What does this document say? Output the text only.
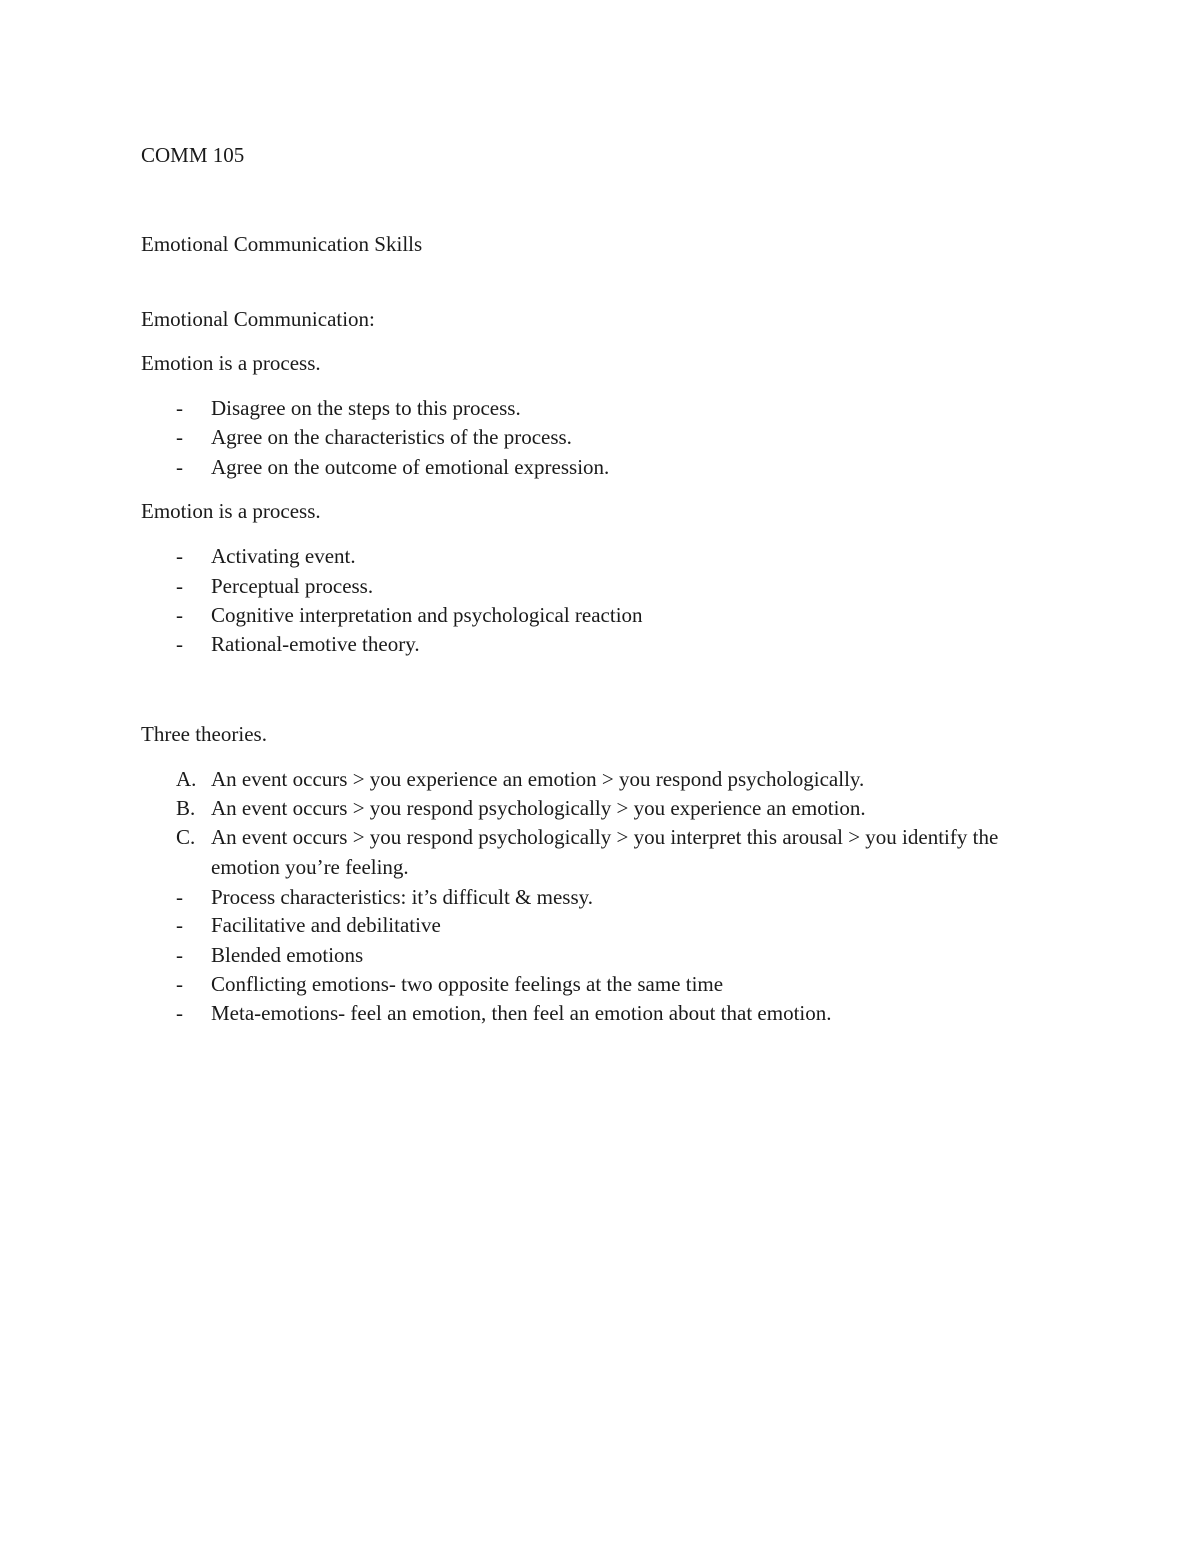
COMM 105
Emotional Communication Skills
Emotional Communication:
Emotion is a process.
- Disagree on the steps to this process.
- Agree on the characteristics of the process.
- Agree on the outcome of emotional expression.
Emotion is a process.
- Activating event.
- Perceptual process.
- Cognitive interpretation and psychological reaction
- Rational-emotive theory.
Three theories.
A. An event occurs > you experience an emotion > you respond psychologically.
B. An event occurs > you respond psychologically > you experience an emotion.
C. An event occurs > you respond psychologically > you interpret this arousal > you identify the emotion you’re feeling.
- Process characteristics: it’s difficult & messy.
- Facilitative and debilitative
- Blended emotions
- Conflicting emotions- two opposite feelings at the same time
- Meta-emotions- feel an emotion, then feel an emotion about that emotion.
